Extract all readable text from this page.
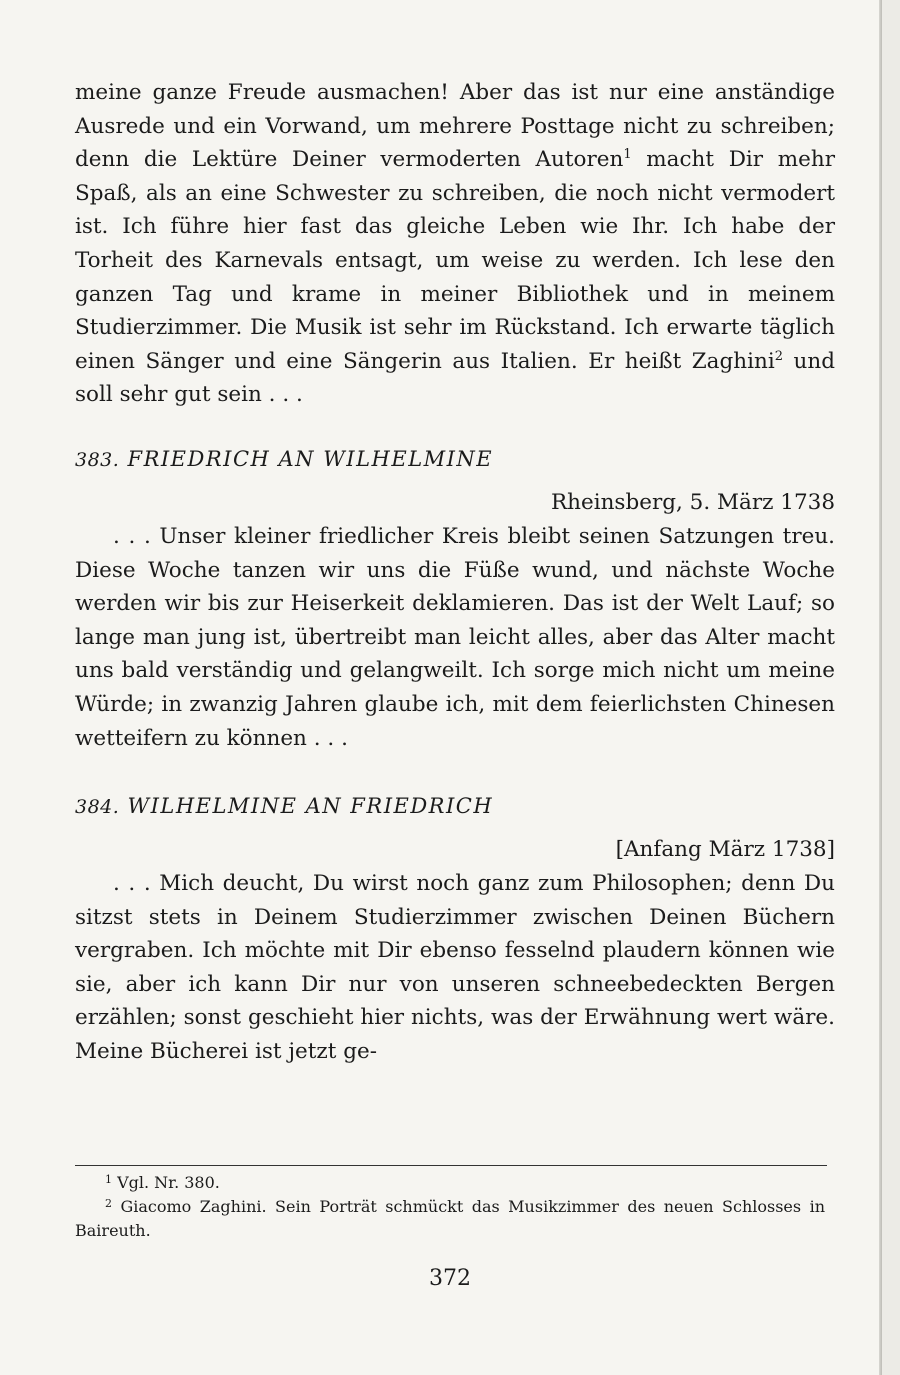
meine ganze Freude ausmachen! Aber das ist nur eine anständige Ausrede und ein Vorwand, um mehrere Posttage nicht zu schreiben; denn die Lektüre Deiner vermoderten Autoren$^1$ macht Dir mehr Spaß, als an eine Schwester zu schreiben, die noch nicht vermodert ist. Ich führe hier fast das gleiche Leben wie Ihr. Ich habe der Torheit des Karnevals entsagt, um weise zu werden. Ich lese den ganzen Tag und krame in meiner Bibliothek und in meinem Studierzimmer. Die Musik ist sehr im Rückstand. Ich erwarte täglich einen Sänger und eine Sängerin aus Italien. Er heißt Zaghini$^2$ und soll sehr gut sein . . .

383. FRIEDRICH AN WILHELMINE
Rheinsberg, 5. März 1738

. . . Unser kleiner friedlicher Kreis bleibt seinen Satzungen treu. Diese Woche tanzen wir uns die Füße wund, und nächste Woche werden wir bis zur Heiserkeit deklamieren. Das ist der Welt Lauf; so lange man jung ist, übertreibt man leicht alles, aber das Alter macht uns bald verständig und gelangweilt. Ich sorge mich nicht um meine Würde; in zwanzig Jahren glaube ich, mit dem feierlichsten Chinesen wetteifern zu können . . .

384. WILHELMINE AN FRIEDRICH
[Anfang März 1738]

. . . Mich deucht, Du wirst noch ganz zum Philosophen; denn Du sitzst stets in Deinem Studierzimmer zwischen Deinen Büchern vergraben. Ich möchte mit Dir ebenso fesselnd plaudern können wie sie, aber ich kann Dir nur von unseren schneebedeckten Bergen erzählen; sonst geschieht hier nichts, was der Erwähnung wert wäre. Meine Bücherei ist jetzt ge-

$^1$ Vgl. Nr. 380.

$^2$ Giacomo Zaghini. Sein Porträt schmückt das Musikzimmer des neuen Schlosses in Baireuth.

372
